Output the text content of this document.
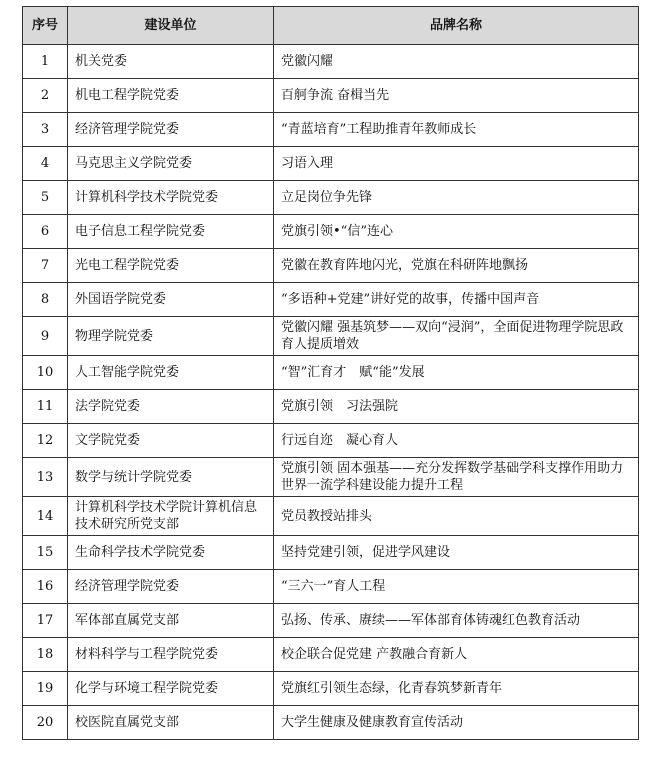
序号	建设单位	品牌名称
1	机关党委	党徽闪耀
2	机电工程学院党委	百舸争流 奋楫当先
3	经济管理学院党委	“青蓝培育”工程助推青年教师成长
4	马克思主义学院党委	习语入理
5	计算机科学技术学院党委	立足岗位争先锋
6	电子信息工程学院党委	党旗引领•“信”连心
7	光电工程学院党委	党徽在教育阵地闪光，党旗在科研阵地飘扬
8	外国语学院党委	“多语种+党建”讲好党的故事，传播中国声音
9	物理学院党委	党徽闪耀 强基筑梦——双向“浸润”，全面促进物理学院思政育人提质增效
10	人工智能学院党委	“智”汇育才　赋“能”发展
11	法学院党委	党旗引领　习法强院
12	文学院党委	行远自迩　凝心育人
13	数学与统计学院党委	党旗引领 固本强基——充分发挥数学基础学科支撑作用助力世界一流学科建设能力提升工程
14	计算机科学技术学院计算机信息技术研究所党支部	党员教授站排头
15	生命科学技术学院党委	坚持党建引领，促进学风建设
16	经济管理学院党委	“三六一”育人工程
17	军体部直属党支部	弘扬、传承、赓续——军体部育体铸魂红色教育活动
18	材料科学与工程学院党委	校企联合促党建 产教融合育新人
19	化学与环境工程学院党委	党旗红引领生态绿，化青春筑梦新青年
20	校医院直属党支部	大学生健康及健康教育宣传活动
